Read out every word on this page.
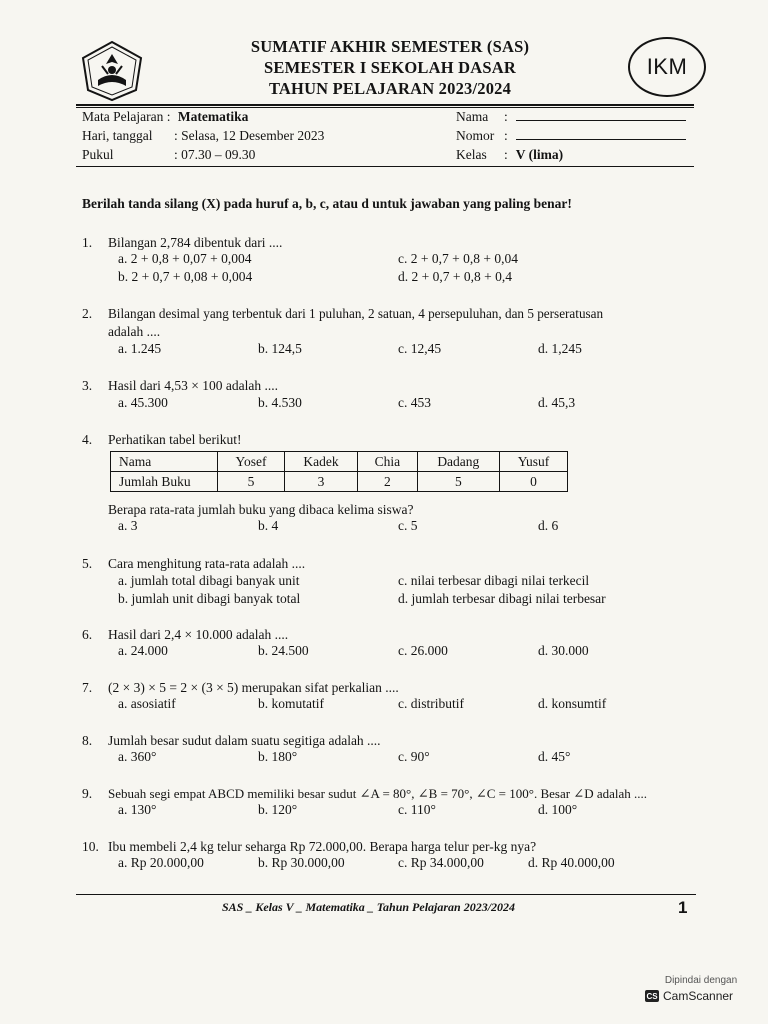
SUMATIF AKHIR SEMESTER (SAS)
SEMESTER I SEKOLAH DASAR
TAHUN PELAJARAN 2023/2024
IKM
Mata Pelajaran : Matematika
Hari, tanggal : Selasa, 12 Desember 2023
Pukul	: 07.30 – 09.30
Nama :
Nomor :
Kelas : V (lima)
Berilah tanda silang (X) pada huruf a, b, c, atau d untuk jawaban yang paling benar!
1. Bilangan 2,784 dibentuk dari ....
a. 2 + 0,8 + 0,07 + 0,004
b. 2 + 0,7 + 0,08 + 0,004
c. 2 + 0,7 + 0,8 + 0,04
d. 2 + 0,7 + 0,8 + 0,4
2. Bilangan desimal yang terbentuk dari 1 puluhan, 2 satuan, 4 persepuluhan, dan 5 perseratusan
adalah ....
a. 1.245	b. 124,5	c. 12,45	d. 1,245
3. Hasil dari 4,53 × 100 adalah ....
a. 45.300	b. 4.530	c. 453	d. 45,3
4. Perhatikan tabel berikut!
Nama	Yosef	Kadek	Chia	Dadang	Yusuf
Jumlah Buku	5	3	2	5	0
Berapa rata-rata jumlah buku yang dibaca kelima siswa?
a. 3	b. 4	c. 5	d. 6
5. Cara menghitung rata-rata adalah ....
a. jumlah total dibagi banyak unit
b. jumlah unit dibagi banyak total
c. nilai terbesar dibagi nilai terkecil
d. jumlah terbesar dibagi nilai terbesar
6. Hasil dari 2,4 × 10.000 adalah ....
a. 24.000	b. 24.500	c. 26.000	d. 30.000
7. (2 × 3) × 5 = 2 × (3 × 5) merupakan sifat perkalian ....
a. asosiatif	b. komutatif	c. distributif	d. konsumtif
8. Jumlah besar sudut dalam suatu segitiga adalah ....
a. 360°	b. 180°	c. 90°	d. 45°
9. Sebuah segi empat ABCD memiliki besar sudut ∠A = 80°, ∠B = 70°, ∠C = 100°. Besar ∠D adalah ....
a. 130°	b. 120°	c. 110°	d. 100°
10. Ibu membeli 2,4 kg telur seharga Rp 72.000,00. Berapa harga telur per-kg nya?
a. Rp 20.000,00	b. Rp 30.000,00	c. Rp 34.000,00	d. Rp 40.000,00
SAS _ Kelas V _ Matematika _ Tahun Pelajaran 2023/2024	1
Dipindai dengan
CS CamScanner
